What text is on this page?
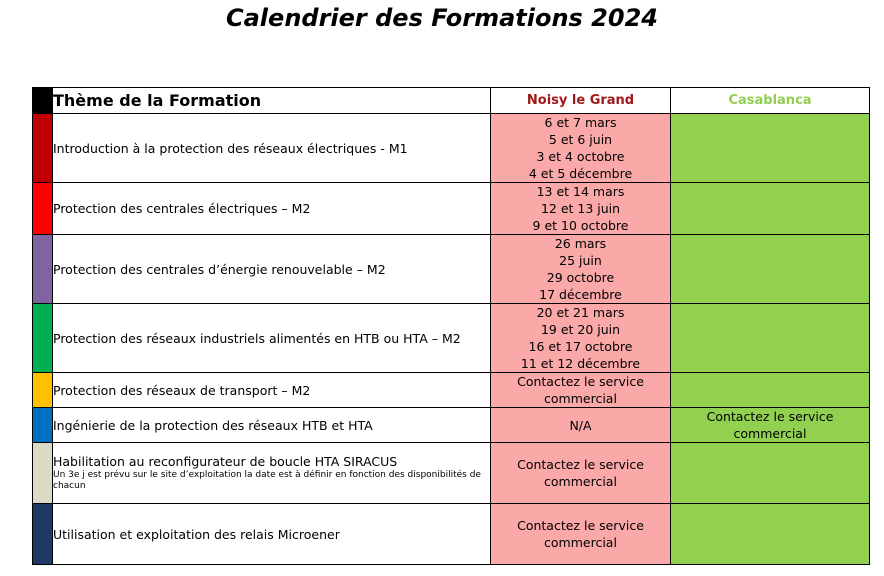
Calendrier des Formations 2024
	Thème de la Formation	Noisy le Grand	Casablanca

	Introduction à la protection des réseaux électriques - M1	6 et 7 mars
5 et 6 juin
3 et 4 octobre
4 et 5 décembre	

	Protection des centrales électriques – M2	13 et 14 mars
12 et 13 juin
9 et 10 octobre	

	Protection des centrales d’énergie renouvelable – M2	26 mars
25 juin
29 octobre
17 décembre	

	Protection des réseaux industriels alimentés en HTB ou HTA – M2	20 et 21 mars
19 et 20 juin
16 et 17 octobre
11 et 12 décembre	

	Protection des réseaux de transport – M2	Contactez le service
commercial	

	Ingénierie de la protection des réseaux HTB et HTA	N/A	Contactez le service
commercial

	Habilitation au reconfigurateur de boucle HTA SIRACUS
Un 3e j est prévu sur le site d’exploitation la date est à définir en fonction des disponibilités de chacun	Contactez le service
commercial	

	Utilisation et exploitation des relais Microener	Contactez le service
commercial	
